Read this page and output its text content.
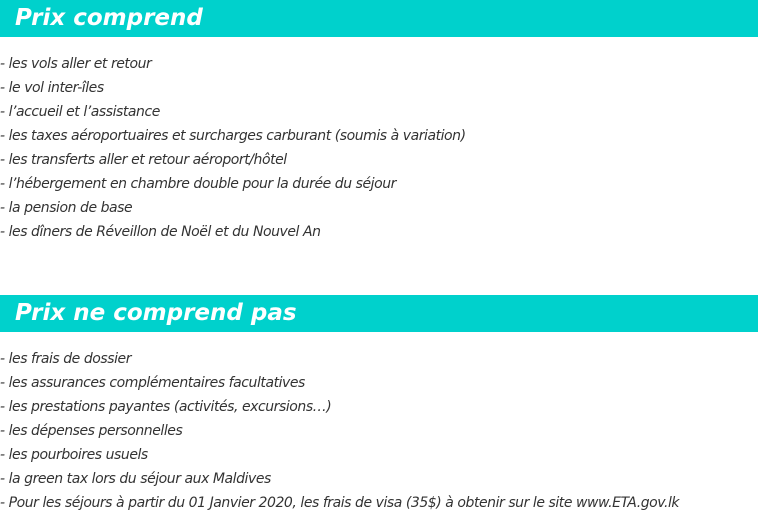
Prix comprend
- les vols aller et retour
- le vol inter-îles
- l’accueil et l’assistance
- les taxes aéroportuaires et surcharges carburant (soumis à variation)
- les transferts aller et retour aéroport/hôtel
- l’hébergement en chambre double pour la durée du séjour
- la pension de base
- les dîners de Réveillon de Noël et du Nouvel An
Prix ne comprend pas
- les frais de dossier
- les assurances complémentaires facultatives
- les prestations payantes (activités, excursions…)
- les dépenses personnelles
- les pourboires usuels
- la green tax lors du séjour aux Maldives
- Pour les séjours à partir du 01 Janvier 2020, les frais de visa (35$) à obtenir sur le site www.ETA.gov.lk
